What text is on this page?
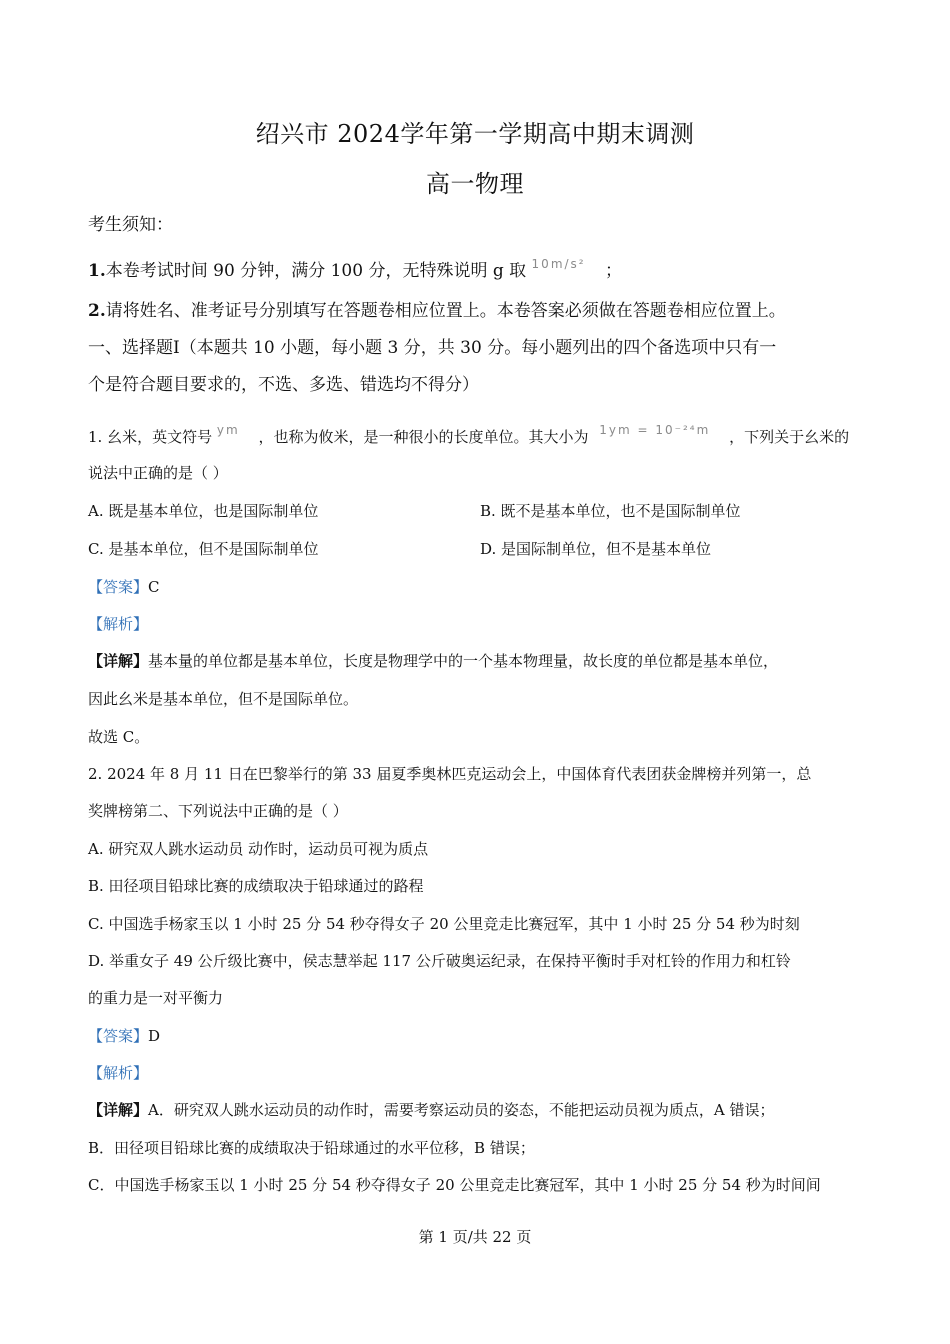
绍兴市 2024学年第一学期高中期末调测
高一物理
考生须知：
1.本卷考试时间 90 分钟，满分 100 分，无特殊说明 g 取 10m/s² ；
2.请将姓名、准考证号分别填写在答题卷相应位置上。本卷答案必须做在答题卷相应位置上。
一、选择题Ⅰ（本题共 10 小题，每小题 3 分，共 30 分。每小题列出的四个备选项中只有一
个是符合题目要求的，不选、多选、错选均不得分）
1. 幺米，英文符号 ym ，也称为攸米，是一种很小的长度单位。其大小为 1ym = 10⁻²⁴m ，下列关于幺米的
说法中正确的是（ ）
A. 既是基本单位，也是国际制单位	B. 既不是基本单位，也不是国际制单位
C. 是基本单位，但不是国际制单位	D. 是国际制单位，但不是基本单位
【答案】C
【解析】
【详解】基本量的单位都是基本单位，长度是物理学中的一个基本物理量，故长度的单位都是基本单位，
因此幺米是基本单位，但不是国际单位。
故选 C。
2. 2024 年 8 月 11 日在巴黎举行的第 33 届夏季奥林匹克运动会上，中国体育代表团获金牌榜并列第一，总
奖牌榜第二、下列说法中正确的是（ ）
A. 研究双人跳水运动员 动作时，运动员可视为质点
B. 田径项目铅球比赛的成绩取决于铅球通过的路程
C. 中国选手杨家玉以 1 小时 25 分 54 秒夺得女子 20 公里竞走比赛冠军，其中 1 小时 25 分 54 秒为时刻
D. 举重女子 49 公斤级比赛中，侯志慧举起 117 公斤破奥运纪录，在保持平衡时手对杠铃的作用力和杠铃
的重力是一对平衡力
【答案】D
【解析】
【详解】A．研究双人跳水运动员的动作时，需要考察运动员的姿态，不能把运动员视为质点，A 错误；
B．田径项目铅球比赛的成绩取决于铅球通过的水平位移，B 错误；
C．中国选手杨家玉以 1 小时 25 分 54 秒夺得女子 20 公里竞走比赛冠军，其中 1 小时 25 分 54 秒为时间间
第 1 页/共 22 页
